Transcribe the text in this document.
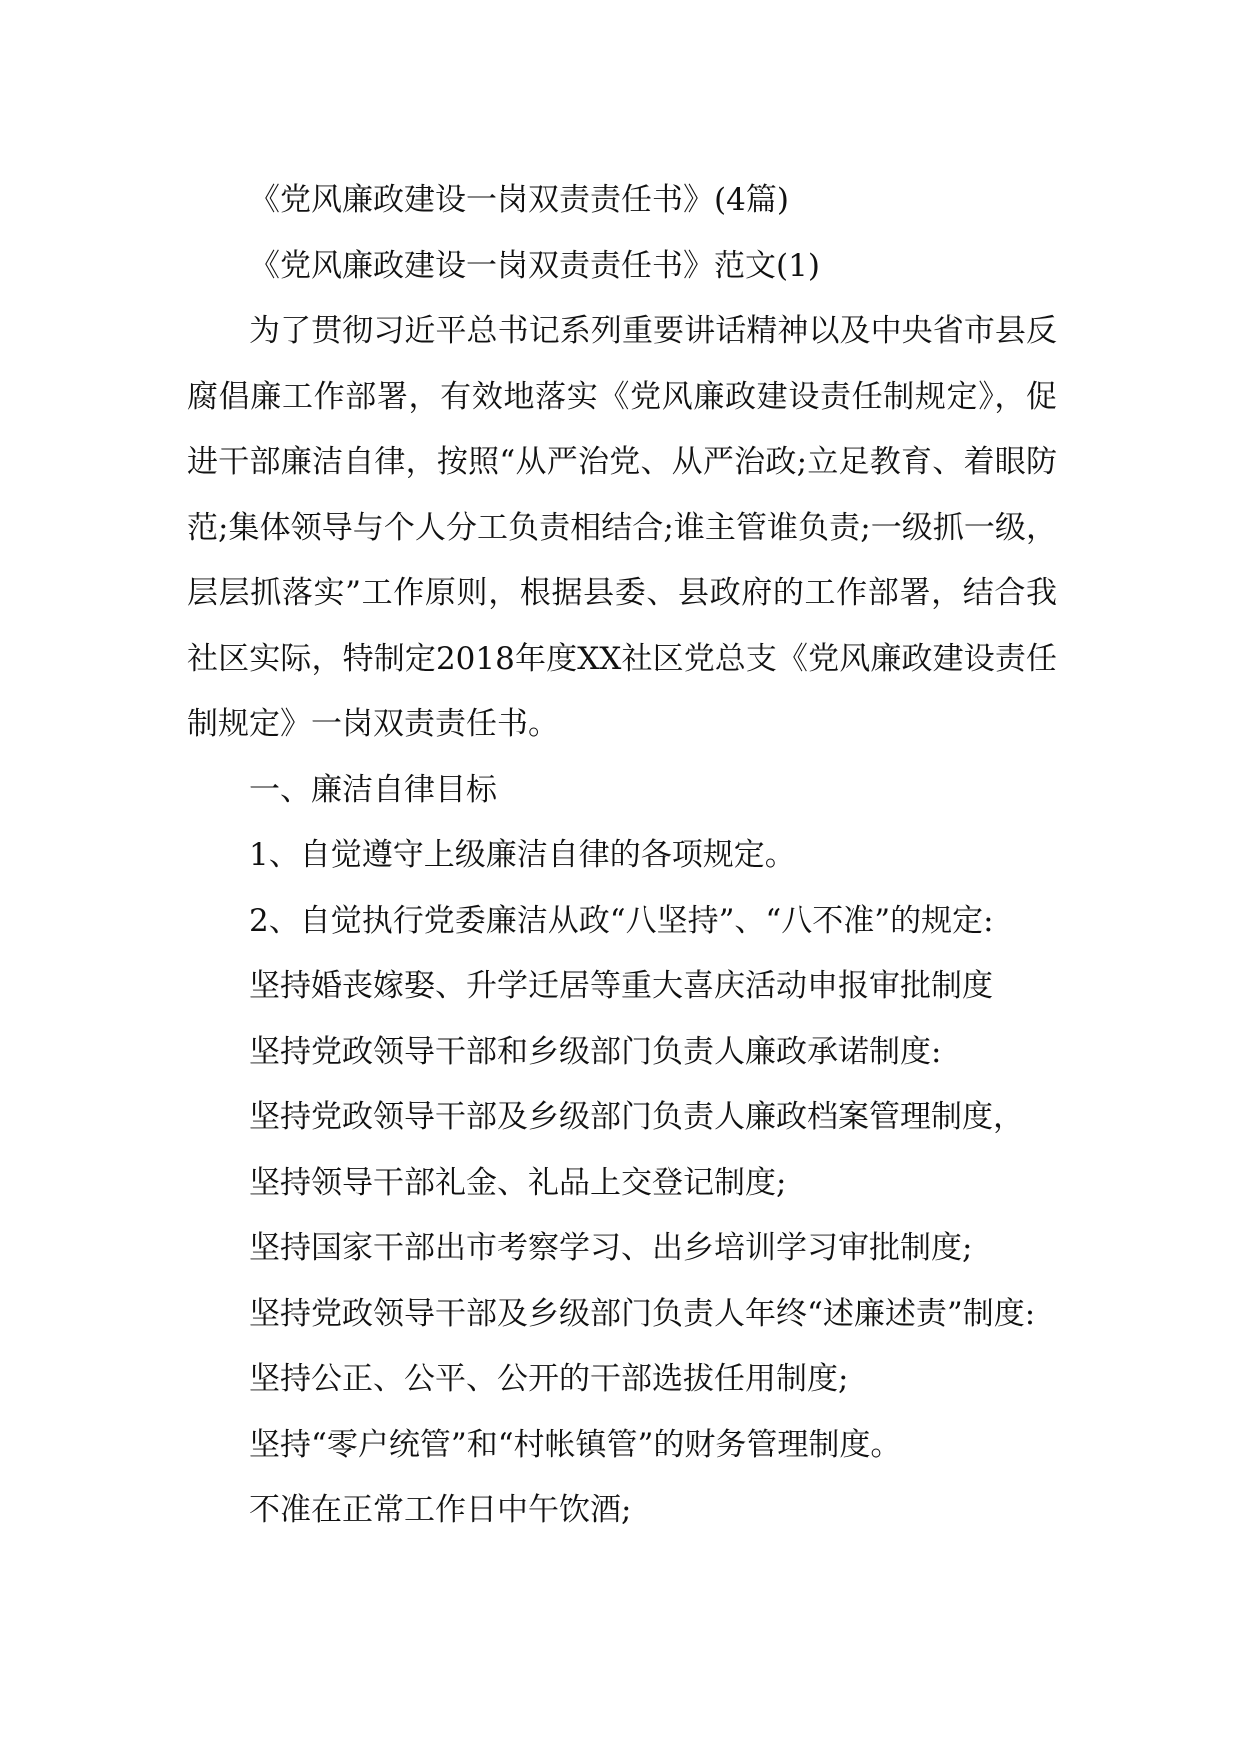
《党风廉政建设一岗双责责任书》(4篇)

《党风廉政建设一岗双责责任书》范文(1)

为了贯彻习近平总书记系列重要讲话精神以及中央省市县反腐倡廉工作部署，有效地落实《党风廉政建设责任制规定》，促进干部廉洁自律，按照“从严治党、从严治政;立足教育、着眼防范;集体领导与个人分工负责相结合;谁主管谁负责;一级抓一级，层层抓落实”工作原则，根据县委、县政府的工作部署，结合我社区实际，特制定2018年度XX社区党总支《党风廉政建设责任制规定》一岗双责责任书。

一、廉洁自律目标

1、自觉遵守上级廉洁自律的各项规定。

2、自觉执行党委廉洁从政“八坚持”、“八不准”的规定:

坚持婚丧嫁娶、升学迁居等重大喜庆活动申报审批制度

坚持党政领导干部和乡级部门负责人廉政承诺制度:

坚持党政领导干部及乡级部门负责人廉政档案管理制度，

坚持领导干部礼金、礼品上交登记制度;

坚持国家干部出市考察学习、出乡培训学习审批制度;

坚持党政领导干部及乡级部门负责人年终“述廉述责”制度:

坚持公正、公平、公开的干部选拔任用制度;

坚持“零户统管”和“村帐镇管”的财务管理制度。

不准在正常工作日中午饮酒;
